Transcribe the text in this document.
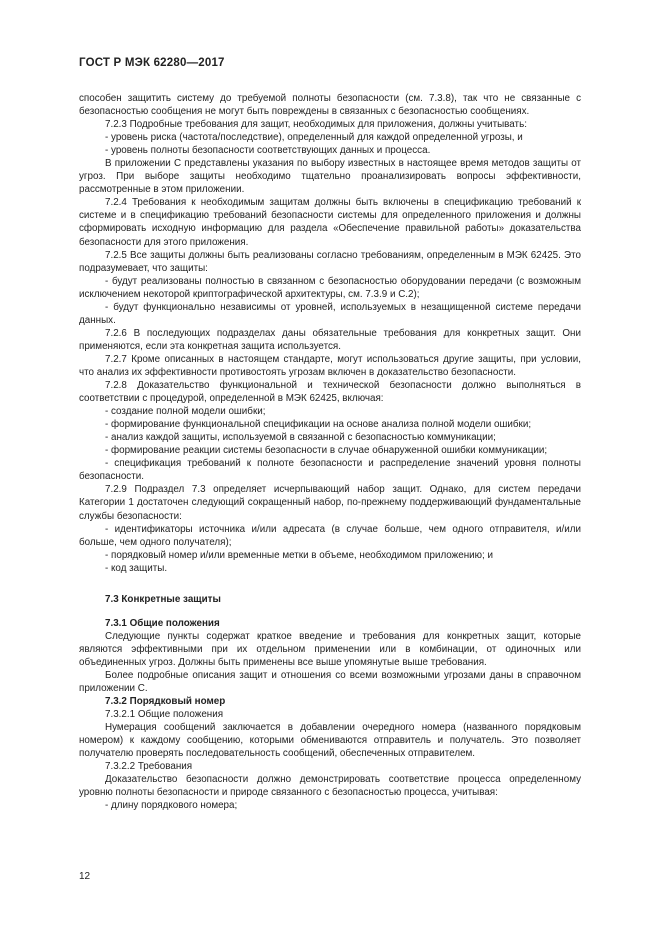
ГОСТ Р МЭК 62280—2017

способен защитить систему до требуемой полноты безопасности (см. 7.3.8), так что не связанные с безопасностью сообщения не могут быть повреждены в связанных с безопасностью сообщениях.

7.2.3 Подробные требования для защит, необходимых для приложения, должны учитывать:

- уровень риска (частота/последствие), определенный для каждой определенной угрозы, и

- уровень полноты безопасности соответствующих данных и процесса.

В приложении С представлены указания по выбору известных в настоящее время методов защиты от угроз. При выборе защиты необходимо тщательно проанализировать вопросы эффективности, рассмотренные в этом приложении.

7.2.4 Требования к необходимым защитам должны быть включены в спецификацию требований к системе и в спецификацию требований безопасности системы для определенного приложения и должны сформировать исходную информацию для раздела «Обеспечение правильной работы» доказательства безопасности для этого приложения.

7.2.5 Все защиты должны быть реализованы согласно требованиям, определенным в МЭК 62425. Это подразумевает, что защиты:

- будут реализованы полностью в связанном с безопасностью оборудовании передачи (с возможным исключением некоторой криптографической архитектуры, см. 7.3.9 и С.2);

- будут функционально независимы от уровней, используемых в незащищенной системе передачи данных.

7.2.6 В последующих подразделах даны обязательные требования для конкретных защит. Они применяются, если эта конкретная защита используется.

7.2.7 Кроме описанных в настоящем стандарте, могут использоваться другие защиты, при условии, что анализ их эффективности противостоять угрозам включен в доказательство безопасности.

7.2.8 Доказательство функциональной и технической безопасности должно выполняться в соответствии с процедурой, определенной в МЭК 62425, включая:

- создание полной модели ошибки;

- формирование функциональной спецификации на основе анализа полной модели ошибки;

- анализ каждой защиты, используемой в связанной с безопасностью коммуникации;

- формирование реакции системы безопасности в случае обнаруженной ошибки коммуникации;

- спецификация требований к полноте безопасности и распределение значений уровня полноты безопасности.

7.2.9 Подраздел 7.3 определяет исчерпывающий набор защит. Однако, для систем передачи Категории 1 достаточен следующий сокращенный набор, по-прежнему поддерживающий фундаментальные службы безопасности:

- идентификаторы источника и/или адресата (в случае больше, чем одного отправителя, и/или больше, чем одного получателя);

- порядковый номер и/или временные метки в объеме, необходимом приложению; и

- код защиты.

7.3 Конкретные защиты

7.3.1 Общие положения

Следующие пункты содержат краткое введение и требования для конкретных защит, которые являются эффективными при их отдельном применении или в комбинации, от одиночных или объединенных угроз. Должны быть применены все выше упомянутые выше требования.

Более подробные описания защит и отношения со всеми возможными угрозами даны в справочном приложении С.

7.3.2 Порядковый номер

7.3.2.1 Общие положения

Нумерация сообщений заключается в добавлении очередного номера (названного порядковым номером) к каждому сообщению, которыми обмениваются отправитель и получатель. Это позволяет получателю проверять последовательность сообщений, обеспеченных отправителем.

7.3.2.2 Требования

Доказательство безопасности должно демонстрировать соответствие процесса определенному уровню полноты безопасности и природе связанного с безопасностью процесса, учитывая:

- длину порядкового номера;

12
